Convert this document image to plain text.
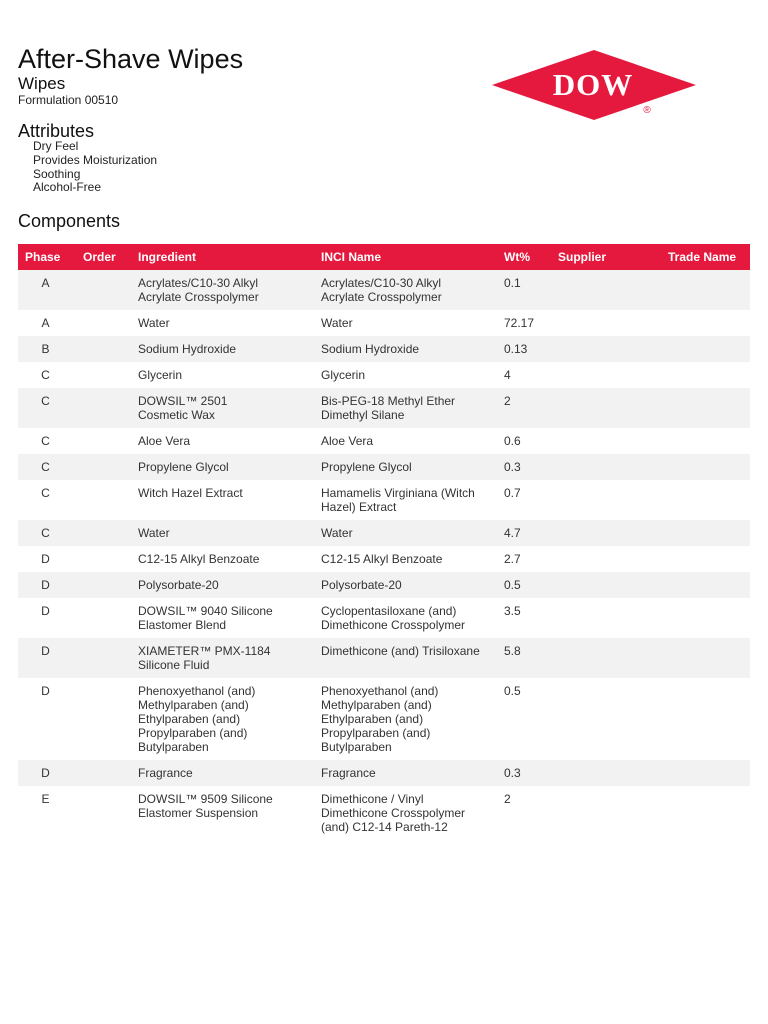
After-Shave Wipes

Wipes

Formulation 00510	DOW
®
Attributes
Dry Feel
Provides Moisturization
Soothing
Alcohol-Free
Components
Phase	Order	Ingredient	INCI Name	Wt%	Supplier	Trade Name
A		Acrylates/C10-30 Alkyl
Acrylate Crosspolymer	Acrylates/C10-30 Alkyl
Acrylate Crosspolymer	0.1		
A		Water	Water	72.17		
B		Sodium Hydroxide	Sodium Hydroxide	0.13		
C		Glycerin	Glycerin	4		
C		DOWSIL™ 2501
Cosmetic Wax	Bis-PEG-18 Methyl Ether
Dimethyl Silane	2		
C		Aloe Vera	Aloe Vera	0.6		
C		Propylene Glycol	Propylene Glycol	0.3		
C		Witch Hazel Extract	Hamamelis Virginiana (Witch
Hazel) Extract	0.7		
C		Water	Water	4.7		
D		C12-15 Alkyl Benzoate	C12-15 Alkyl Benzoate	2.7		
D		Polysorbate-20	Polysorbate-20	0.5		
D		DOWSIL™ 9040 Silicone
Elastomer Blend	Cyclopentasiloxane (and)
Dimethicone Crosspolymer	3.5		
D		XIAMETER™ PMX-1184
Silicone Fluid	Dimethicone (and) Trisiloxane	5.8		
D		Phenoxyethanol (and)
Methylparaben (and)
Ethylparaben (and)
Propylparaben (and)
Butylparaben	Phenoxyethanol (and)
Methylparaben (and)
Ethylparaben (and)
Propylparaben (and)
Butylparaben	0.5		
D		Fragrance	Fragrance	0.3		
E		DOWSIL™ 9509 Silicone
Elastomer Suspension	Dimethicone / Vinyl
Dimethicone Crosspolymer
(and) C12-14 Pareth-12	2		
